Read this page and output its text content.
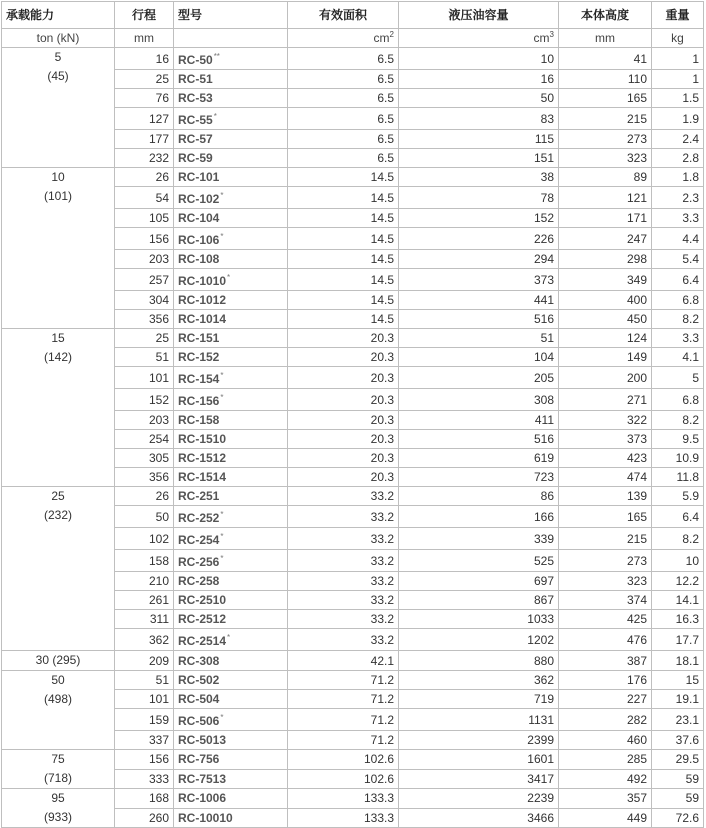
承载能力	行程	型号	有效面积	液压油容量	本体高度	重量
ton (kN)	mm		$cm^2$	$cm^3$	mm	kg

5
(45)	16	RC-50**	6.5	10	41	1
	25	RC-51	6.5	16	110	1
	76	RC-53	6.5	50	165	1.5
	127	RC-55*	6.5	83	215	1.9
	177	RC-57	6.5	115	273	2.4
	232	RC-59	6.5	151	323	2.8

10
(101)	26	RC-101	14.5	38	89	1.8
	54	RC-102*	14.5	78	121	2.3
	105	RC-104	14.5	152	171	3.3
	156	RC-106*	14.5	226	247	4.4
	203	RC-108	14.5	294	298	5.4
	257	RC-1010*	14.5	373	349	6.4
	304	RC-1012	14.5	441	400	6.8
	356	RC-1014	14.5	516	450	8.2

15
(142)	25	RC-151	20.3	51	124	3.3
	51	RC-152	20.3	104	149	4.1
	101	RC-154*	20.3	205	200	5
	152	RC-156*	20.3	308	271	6.8
	203	RC-158	20.3	411	322	8.2
	254	RC-1510	20.3	516	373	9.5
	305	RC-1512	20.3	619	423	10.9
	356	RC-1514	20.3	723	474	11.8

25
(232)	26	RC-251	33.2	86	139	5.9
	50	RC-252*	33.2	166	165	6.4
	102	RC-254*	33.2	339	215	8.2
	158	RC-256*	33.2	525	273	10
	210	RC-258	33.2	697	323	12.2
	261	RC-2510	33.2	867	374	14.1
	311	RC-2512	33.2	1033	425	16.3
	362	RC-2514*	33.2	1202	476	17.7

30 (295)	209	RC-308	42.1	880	387	18.1

50
(498)	51	RC-502	71.2	362	176	15
	101	RC-504	71.2	719	227	19.1
	159	RC-506*	71.2	1131	282	23.1
	337	RC-5013	71.2	2399	460	37.6

75
(718)	156	RC-756	102.6	1601	285	29.5
	333	RC-7513	102.6	3417	492	59

95
(933)	168	RC-1006	133.3	2239	357	59
	260	RC-10010	133.3	3466	449	72.6
